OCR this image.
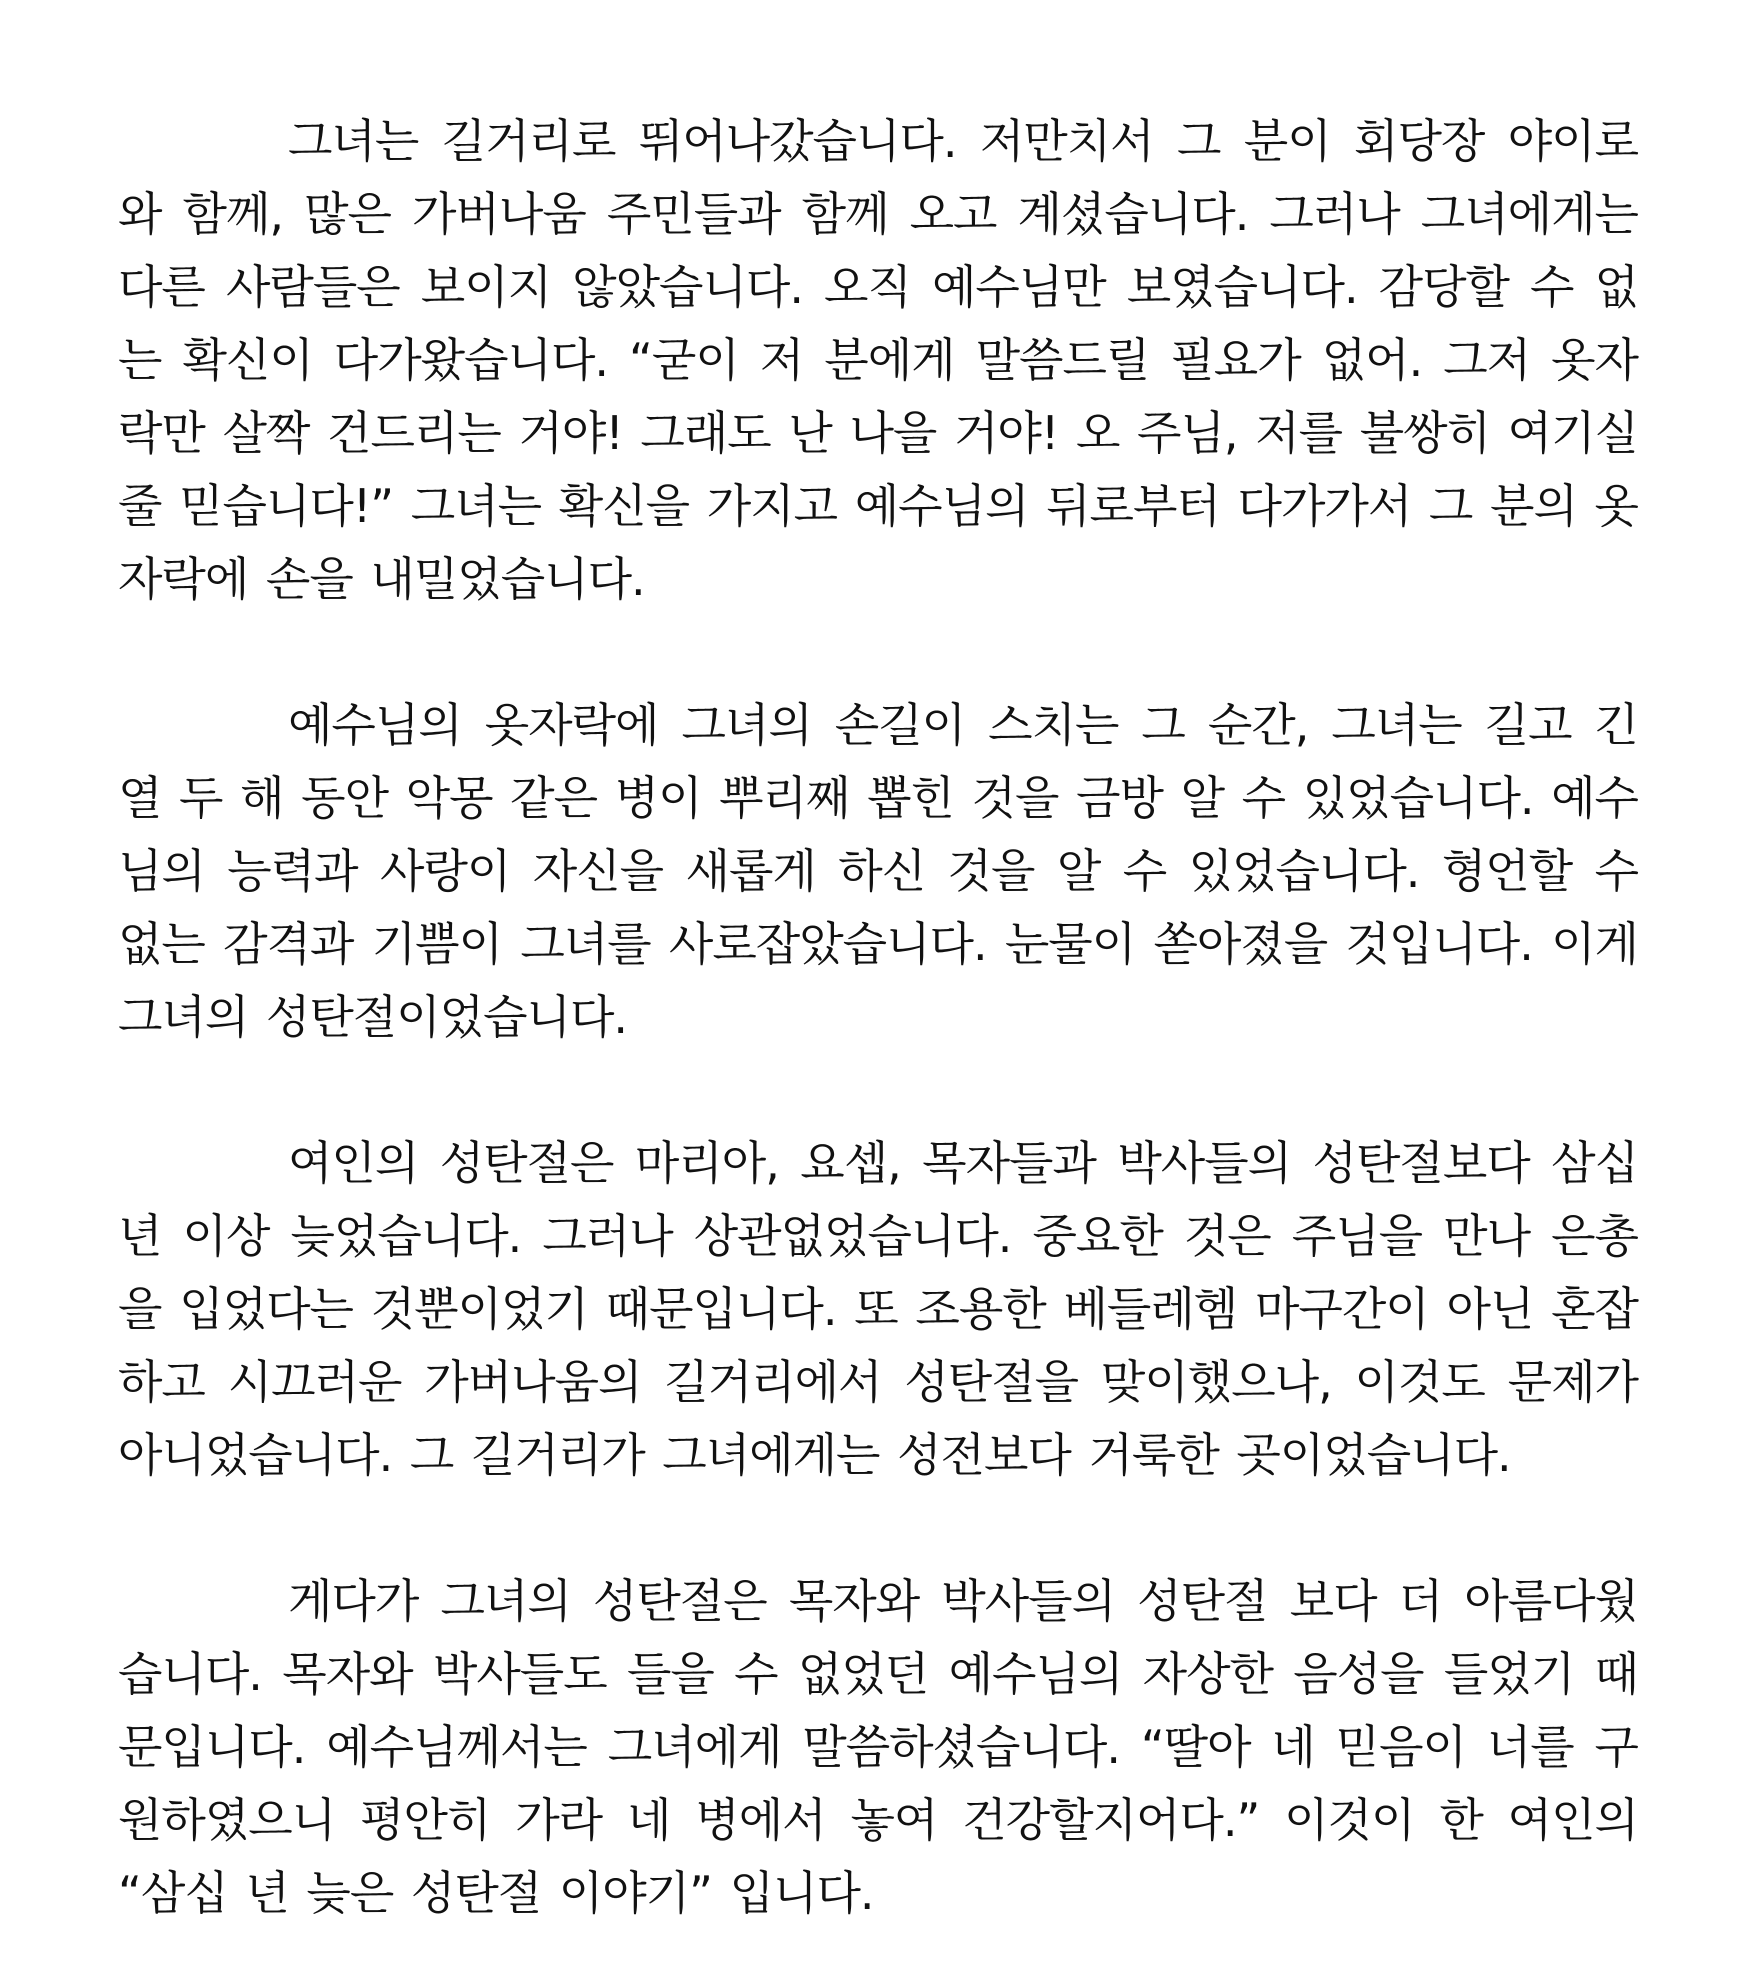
그녀는 길거리로 뛰어나갔습니다. 저만치서 그 분이 회당장 야이로와 함께, 많은 가버나움 주민들과 함께 오고 계셨습니다. 그러나 그녀에게는 다른 사람들은 보이지 않았습니다. 오직 예수님만 보였습니다. 감당할 수 없는 확신이 다가왔습니다. “굳이 저 분에게 말씀드릴 필요가 없어. 그저 옷자락만 살짝 건드리는 거야! 그래도 난 나을 거야! 오 주님, 저를 불쌍히 여기실 줄 믿습니다!” 그녀는 확신을 가지고 예수님의 뒤로부터 다가가서 그 분의 옷자락에 손을 내밀었습니다.

예수님의 옷자락에 그녀의 손길이 스치는 그 순간, 그녀는 길고 긴 열 두 해 동안 악몽 같은 병이 뿌리째 뽑힌 것을 금방 알 수 있었습니다. 예수님의 능력과 사랑이 자신을 새롭게 하신 것을 알 수 있었습니다. 형언할 수 없는 감격과 기쁨이 그녀를 사로잡았습니다. 눈물이 쏟아졌을 것입니다. 이게 그녀의 성탄절이었습니다.

여인의 성탄절은 마리아, 요셉, 목자들과 박사들의 성탄절보다 삼십 년 이상 늦었습니다. 그러나 상관없었습니다. 중요한 것은 주님을 만나 은총을 입었다는 것뿐이었기 때문입니다. 또 조용한 베들레헴 마구간이 아닌 혼잡하고 시끄러운 가버나움의 길거리에서 성탄절을 맞이했으나, 이것도 문제가 아니었습니다. 그 길거리가 그녀에게는 성전보다 거룩한 곳이었습니다.

게다가 그녀의 성탄절은 목자와 박사들의 성탄절 보다 더 아름다웠습니다. 목자와 박사들도 들을 수 없었던 예수님의 자상한 음성을 들었기 때문입니다. 예수님께서는 그녀에게 말씀하셨습니다. “딸아 네 믿음이 너를 구원하였으니 평안히 가라 네 병에서 놓여 건강할지어다.” 이것이 한 여인의 “삼십 년 늦은 성탄절 이야기” 입니다.
